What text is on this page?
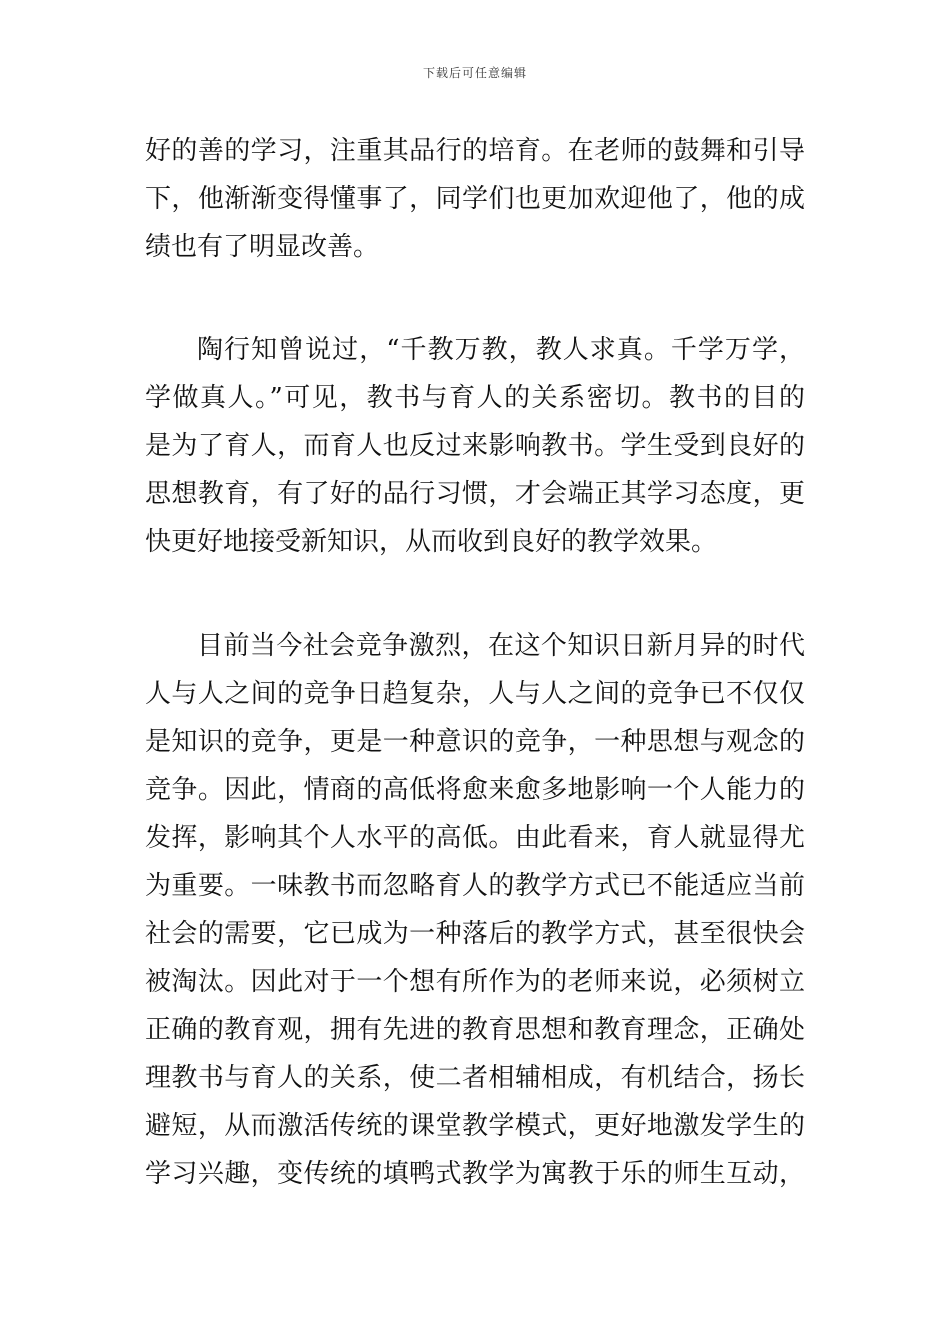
下载后可任意编辑
好的善的学习，注重其品行的培育。在老师的鼓舞和引导
下，他渐渐变得懂事了，同学们也更加欢迎他了，他的成
绩也有了明显改善。
陶行知曾说过，“千教万教，教人求真。千学万学，
学做真人。”可见，教书与育人的关系密切。教书的目的
是为了育人，而育人也反过来影响教书。学生受到良好的
思想教育，有了好的品行习惯，才会端正其学习态度，更
快更好地接受新知识，从而收到良好的教学效果。
目前当今社会竞争激烈，在这个知识日新月异的时代
人与人之间的竞争日趋复杂，人与人之间的竞争已不仅仅
是知识的竞争，更是一种意识的竞争，一种思想与观念的
竞争。因此，情商的高低将愈来愈多地影响一个人能力的
发挥，影响其个人水平的高低。由此看来，育人就显得尤
为重要。一味教书而忽略育人的教学方式已不能适应当前
社会的需要，它已成为一种落后的教学方式，甚至很快会
被淘汰。因此对于一个想有所作为的老师来说，必须树立
正确的教育观，拥有先进的教育思想和教育理念，正确处
理教书与育人的关系，使二者相辅相成，有机结合，扬长
避短，从而激活传统的课堂教学模式，更好地激发学生的
学习兴趣，变传统的填鸭式教学为寓教于乐的师生互动，
